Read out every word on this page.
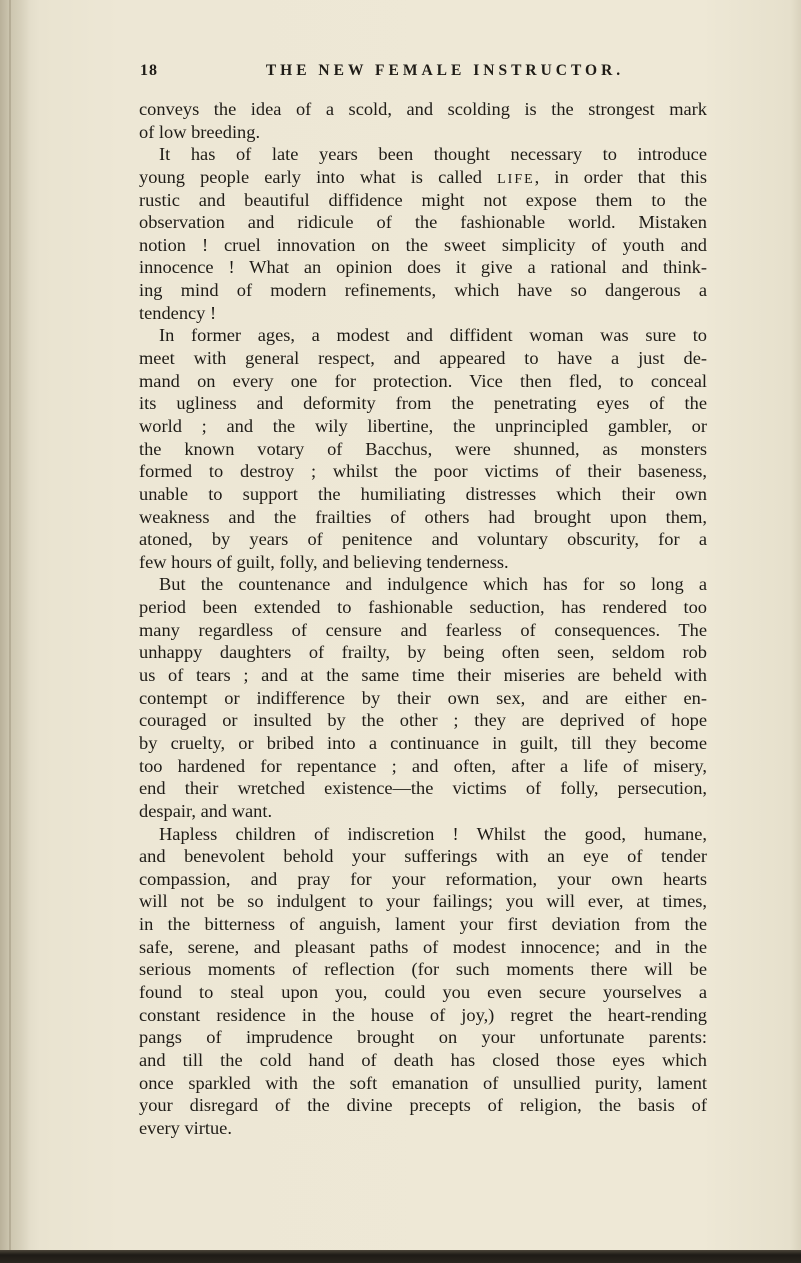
18	THE NEW FEMALE INSTRUCTOR.
conveys the idea of a scold, and scolding is the strongest mark
of low breeding.
It has of late years been thought necessary to introduce
young people early into what is called LIFE, in order that this
rustic and beautiful diffidence might not expose them to the
observation and ridicule of the fashionable world. Mistaken
notion ! cruel innovation on the sweet simplicity of youth and
innocence ! What an opinion does it give a rational and think-
ing mind of modern refinements, which have so dangerous a
tendency !
In former ages, a modest and diffident woman was sure to
meet with general respect, and appeared to have a just de-
mand on every one for protection. Vice then fled, to conceal
its ugliness and deformity from the penetrating eyes of the
world ; and the wily libertine, the unprincipled gambler, or
the known votary of Bacchus, were shunned, as monsters
formed to destroy ; whilst the poor victims of their baseness,
unable to support the humiliating distresses which their own
weakness and the frailties of others had brought upon them,
atoned, by years of penitence and voluntary obscurity, for a
few hours of guilt, folly, and believing tenderness.
But the countenance and indulgence which has for so long a
period been extended to fashionable seduction, has rendered too
many regardless of censure and fearless of consequences. The
unhappy daughters of frailty, by being often seen, seldom rob
us of tears ; and at the same time their miseries are beheld with
contempt or indifference by their own sex, and are either en-
couraged or insulted by the other ; they are deprived of hope
by cruelty, or bribed into a continuance in guilt, till they become
too hardened for repentance ; and often, after a life of misery,
end their wretched existence—the victims of folly, persecution,
despair, and want.
Hapless children of indiscretion ! Whilst the good, humane,
and benevolent behold your sufferings with an eye of tender
compassion, and pray for your reformation, your own hearts
will not be so indulgent to your failings; you will ever, at times,
in the bitterness of anguish, lament your first deviation from the
safe, serene, and pleasant paths of modest innocence; and in the
serious moments of reflection (for such moments there will be
found to steal upon you, could you even secure yourselves a
constant residence in the house of joy,) regret the heart-rending
pangs of imprudence brought on your unfortunate parents:
and till the cold hand of death has closed those eyes which
once sparkled with the soft emanation of unsullied purity, lament
your disregard of the divine precepts of religion, the basis of
every virtue.
